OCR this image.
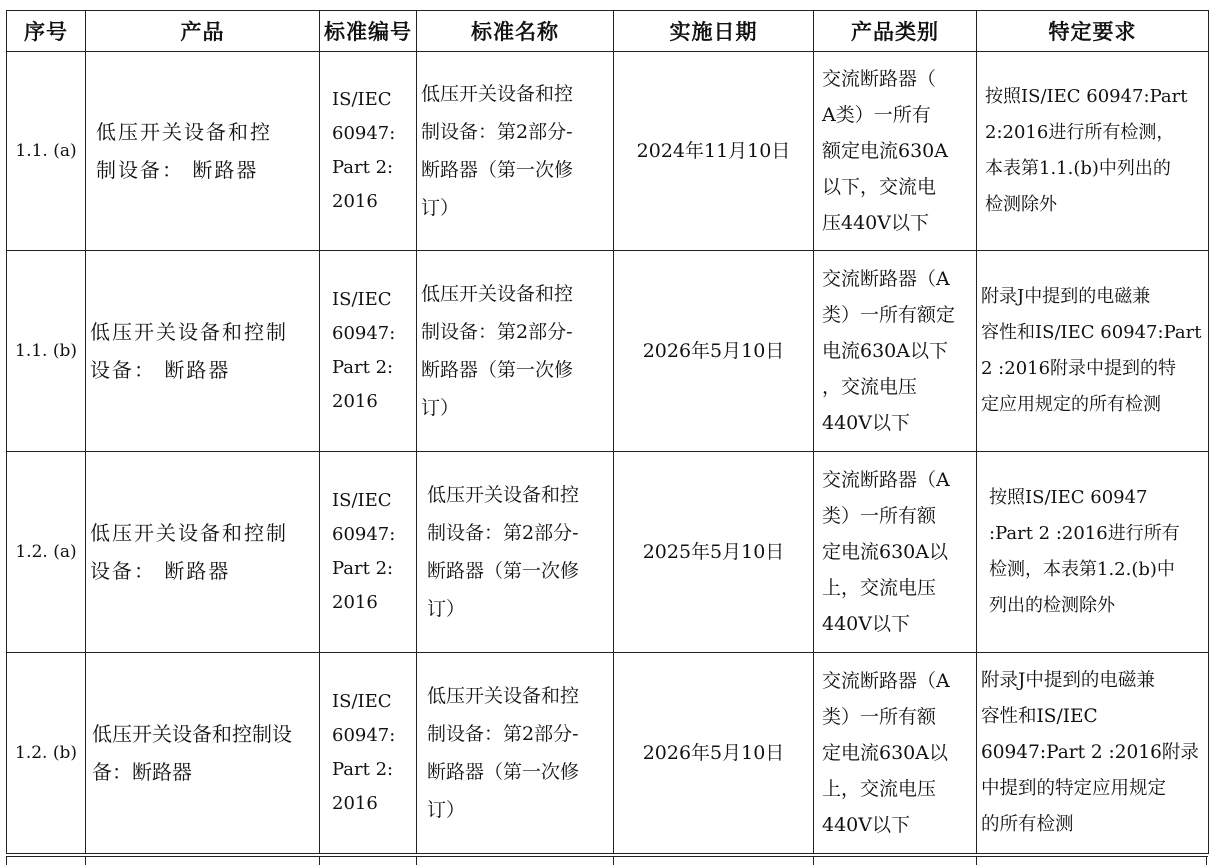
序号	产品	标准编号	标准名称	实施日期	产品类别	特定要求
1.1. (a)	低压开关设备和控
制设备： 断路器	IS/IEC
60947:
Part 2:
2016	低压开关设备和控
制设备：第2部分-
断路器（第一次修
订）	2024年11月10日	交流断路器（
A类）一所有
额定电流630A
以下，交流电
压440V以下	按照IS/IEC 60947:Part
2:2016进行所有检测，
本表第1.1.(b)中列出的
检测除外

1.1. (b)	低压开关设备和控制
设备： 断路器	IS/IEC
60947:
Part 2:
2016	低压开关设备和控
制设备：第2部分-
断路器（第一次修
订）	2026年5月10日	交流断路器（A
类）一所有额定
电流630A以下
，交流电压
440V以下	附录J中提到的电磁兼
容性和IS/IEC 60947:Part
2 :2016附录中提到的特
定应用规定的所有检测

1.2. (a)	低压开关设备和控制
设备： 断路器	IS/IEC
60947:
Part 2:
2016	低压开关设备和控
制设备：第2部分-
断路器（第一次修
订）	2025年5月10日	交流断路器（A
类）一所有额
定电流630A以
上，交流电压
440V以下	按照IS/IEC 60947
:Part 2 :2016进行所有
检测，本表第1.2.(b)中
列出的检测除外

1.2. (b)	低压开关设备和控制设
备：断路器	IS/IEC
60947:
Part 2:
2016	低压开关设备和控
制设备：第2部分-
断路器（第一次修
订）	2026年5月10日	交流断路器（A
类）一所有额
定电流630A以
上，交流电压
440V以下	附录J中提到的电磁兼
容性和IS/IEC
60947:Part 2 :2016附录
中提到的特定应用规定
的所有检测
